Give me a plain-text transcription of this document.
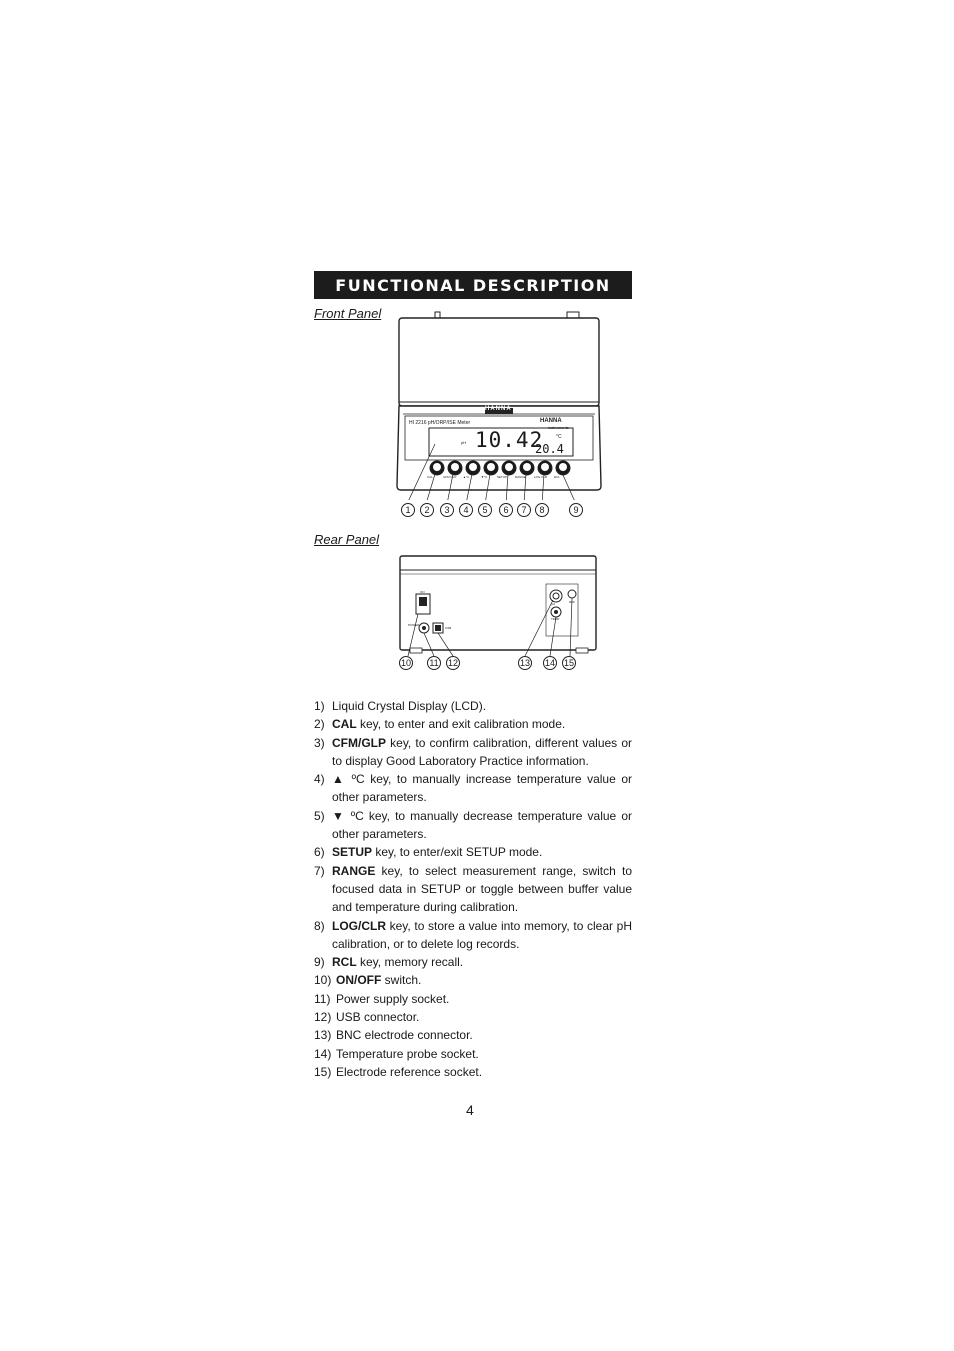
FUNCTIONAL DESCRIPTION
Front Panel
HANNA
HI 2216 pH/ORP/ISE Meter	HANNA
instruments
pH 10.42
20.4
°C
CAL	CFM GLP ▲°C	▼°C	SETUP	RANGE	LOG CLR RCL
1	2	3	4	5	6	7	8	9
Rear Panel
ON
POWER
USB
pH
TEMP
REF
10 11 12	13 14 15
1) Liquid Crystal Display (LCD).
2) CAL key, to enter and exit calibration mode.
3) CFM/GLP key, to confirm calibration, different values or to display Good Laboratory Practice information.
4) ▲ ºC key, to manually increase temperature value or other parameters.
5) ▼ ºC key, to manually decrease temperature value or other parameters.
6) SETUP key, to enter/exit SETUP mode.
7) RANGE key, to select measurement range, switch to focused data in SETUP or toggle between buffer value and temperature during calibration.
8) LOG/CLR key, to store a value into memory, to clear pH calibration, or to delete log records.
9) RCL key, memory recall.
10) ON/OFF switch.
11) Power supply socket.
12) USB connector.
13) BNC electrode connector.
14) Temperature probe socket.
15) Electrode reference socket.
4
